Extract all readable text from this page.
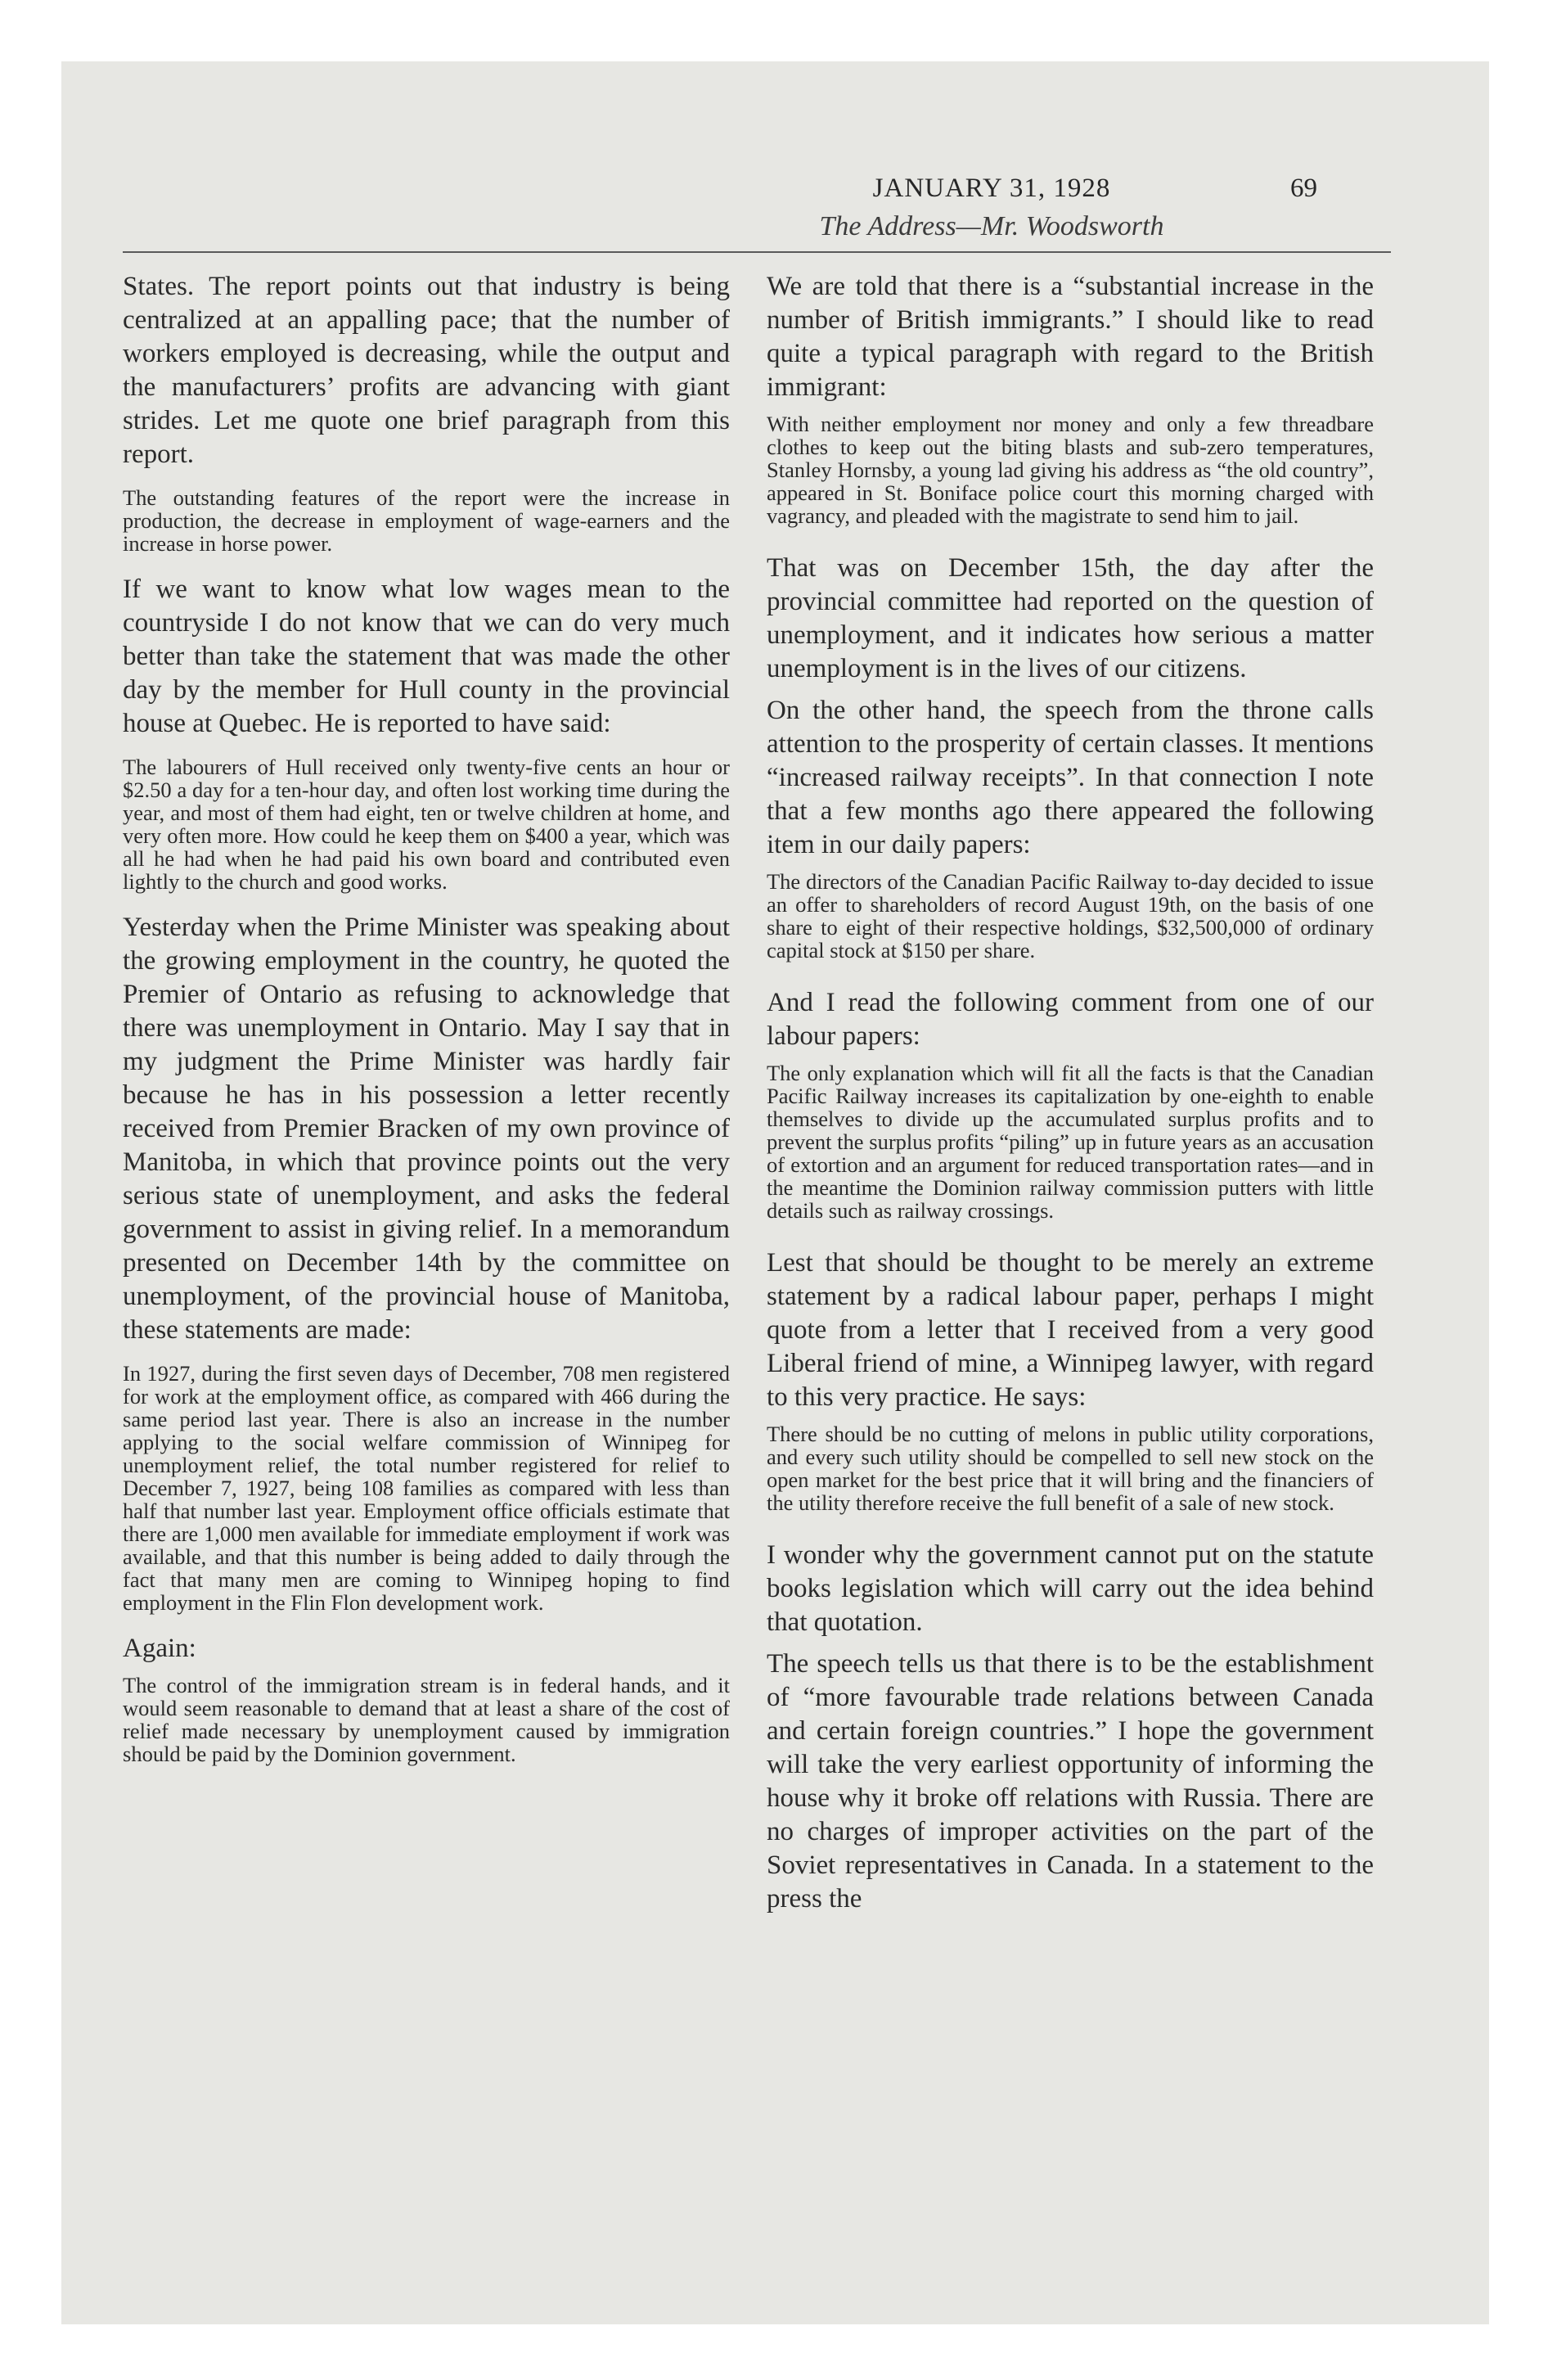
JANUARY 31, 1928	69
The Address—Mr. Woodsworth

States. The report points out that industry is being centralized at an appalling pace; that the number of workers employed is decreasing, while the output and the manufacturers’ profits are advancing with giant strides. Let me quote one brief paragraph from this report.

The outstanding features of the report were the increase in production, the decrease in employment of wage-earners and the increase in horse power.

If we want to know what low wages mean to the countryside I do not know that we can do very much better than take the statement that was made the other day by the member for Hull county in the provincial house at Quebec. He is reported to have said:

The labourers of Hull received only twenty-five cents an hour or $2.50 a day for a ten-hour day, and often lost working time during the year, and most of them had eight, ten or twelve children at home, and very often more. How could he keep them on $400 a year, which was all he had when he had paid his own board and contributed even lightly to the church and good works.

Yesterday when the Prime Minister was speaking about the growing employment in the country, he quoted the Premier of Ontario as refusing to acknowledge that there was unemployment in Ontario. May I say that in my judgment the Prime Minister was hardly fair because he has in his possession a letter recently received from Premier Bracken of my own province of Manitoba, in which that province points out the very serious state of unemployment, and asks the federal government to assist in giving relief. In a memorandum presented on December 14th by the committee on unemployment, of the provincial house of Manitoba, these statements are made:

In 1927, during the first seven days of December, 708 men registered for work at the employment office, as compared with 466 during the same period last year. There is also an increase in the number applying to the social welfare commission of Winnipeg for unemployment relief, the total number registered for relief to December 7, 1927, being 108 families as compared with less than half that number last year. Employment office officials estimate that there are 1,000 men available for immediate employment if work was available, and that this number is being added to daily through the fact that many men are coming to Winnipeg hoping to find employment in the Flin Flon development work.

Again:

The control of the immigration stream is in federal hands, and it would seem reasonable to demand that at least a share of the cost of relief made necessary by unemployment caused by immigration should be paid by the Dominion government.

We are told that there is a “substantial increase in the number of British immigrants.” I should like to read quite a typical paragraph with regard to the British immigrant:

With neither employment nor money and only a few threadbare clothes to keep out the biting blasts and sub-zero temperatures, Stanley Hornsby, a young lad giving his address as “the old country”, appeared in St. Boniface police court this morning charged with vagrancy, and pleaded with the magistrate to send him to jail.

That was on December 15th, the day after the provincial committee had reported on the question of unemployment, and it indicates how serious a matter unemployment is in the lives of our citizens.

On the other hand, the speech from the throne calls attention to the prosperity of certain classes. It mentions “increased railway receipts”. In that connection I note that a few months ago there appeared the following item in our daily papers:

The directors of the Canadian Pacific Railway to-day decided to issue an offer to shareholders of record August 19th, on the basis of one share to eight of their respective holdings, $32,500,000 of ordinary capital stock at $150 per share.

And I read the following comment from one of our labour papers:

The only explanation which will fit all the facts is that the Canadian Pacific Railway increases its capitalization by one-eighth to enable themselves to divide up the accumulated surplus profits and to prevent the surplus profits “piling” up in future years as an accusation of extortion and an argument for reduced transportation rates—and in the meantime the Dominion railway commission putters with little details such as railway crossings.

Lest that should be thought to be merely an extreme statement by a radical labour paper, perhaps I might quote from a letter that I received from a very good Liberal friend of mine, a Winnipeg lawyer, with regard to this very practice. He says:

There should be no cutting of melons in public utility corporations, and every such utility should be compelled to sell new stock on the open market for the best price that it will bring and the financiers of the utility therefore receive the full benefit of a sale of new stock.

I wonder why the government cannot put on the statute books legislation which will carry out the idea behind that quotation.

The speech tells us that there is to be the establishment of “more favourable trade relations between Canada and certain foreign countries.” I hope the government will take the very earliest opportunity of informing the house why it broke off relations with Russia. There are no charges of improper activities on the part of the Soviet representatives in Canada. In a statement to the press the
